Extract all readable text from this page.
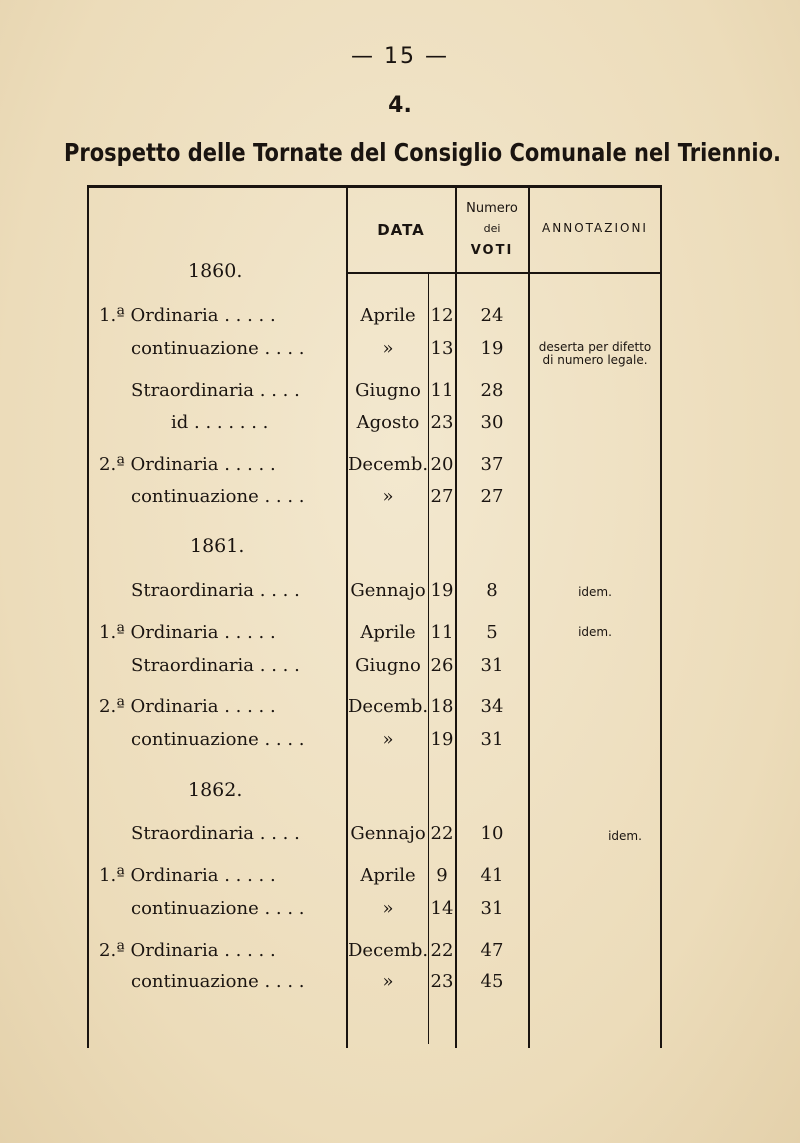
— 15 —
4.
Prospetto delle Tornate del Consiglio Comunale nel Triennio.
DATA
Numero
dei
VOTI
ANNOTAZIONI
1860.
1861.
1862.
1.ª Ordinaria . . . . .	Aprile 12	24
continuazione . . . .	»	13	19	deserta per difetto
di numero legale.
Straordinaria . . . .	Giugno 11	28
id . . . . . . .	Agosto 23	30
2.ª Ordinaria . . . . .	Decemb. 20	37
continuazione . . . .	»	27	27
Straordinaria . . . .	Gennajo 19	8	idem.
1.ª Ordinaria . . . . .	Aprile 11	5	idem.
Straordinaria . . . .	Giugno 26	31
2.ª Ordinaria . . . . .	Decemb. 18	34
continuazione . . . .	»	19	31
Straordinaria . . . .	Gennajo 22	10	idem.
1.ª Ordinaria . . . . .	Aprile	9	41
continuazione . . . .	»	14	31
2.ª Ordinaria . . . . .	Decemb. 22	47
continuazione . . . .	»	23	45
